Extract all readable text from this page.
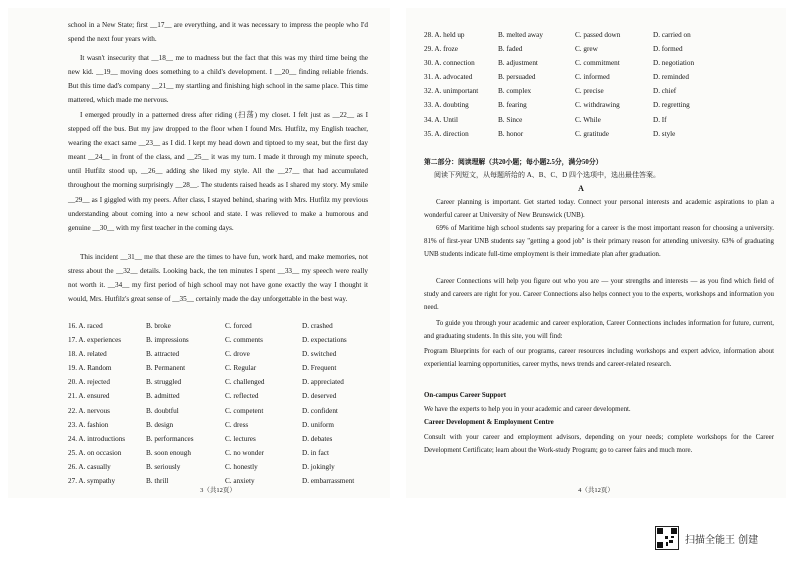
school in a New State; first __17__ are everything, and it was necessary to impress the people who I'd spend the next four years with.
It wasn't insecurity that __18__ me to madness but the fact that this was my third time being the new kid. __19__ moving does something to a child's development. I __20__ finding reliable friends. But this time dad's company __21__ my startling and finishing high school in the same place. This time mattered, which made me nervous.
I emerged proudly in a patterned dress after riding (扫荡) my closet. I felt just as __22__ as I stepped off the bus. But my jaw dropped to the floor when I found Mrs. Hutfilz, my English teacher, wearing the exact same __23__ as I did. I kept my head down and tiptoed to my seat, but the first day meant __24__ in front of the class, and __25__ it was my turn. I made it through my minute speech, until Hutfilz stood up, __26__ adding she liked my style. All the __27__ that had accumulated throughout the morning surprisingly __28__. The students raised heads as I shared my story. My smile __29__ as I giggled with my peers. After class, I stayed behind, sharing with Mrs. Hutfilz my previous understanding about coming into a new school and state. I was relieved to make a humorous and genuine __30__ with my first teacher in the coming days.
This incident __31__ me that these are the times to have fun, work hard, and make memories, not stress about the __32__ details. Looking back, the ten minutes I spent __33__ my speech were really not worth it. __34__ my first period of high school may not have gone exactly the way I thought it would, Mrs. Hutfilz's great sense of __35__ certainly made the day unforgettable in the best way.
16. A. raced	B. broke	C. forced	D. crashed
17. A. experiences	B. impressions	C. comments	D. expectations
18. A. related	B. attracted	C. drove	D. switched
19. A. Random	B. Permanent	C. Regular	D. Frequent
20. A. rejected	B. struggled	C. challenged	D. appreciated
21. A. ensured	B. admitted	C. reflected	D. deserved
22. A. nervous	B. doubtful	C. competent	D. confident
23. A. fashion	B. design	C. dress	D. uniform
24. A. introductions	B. performances	C. lectures	D. debates
25. A. on occasion	B. soon enough	C. no wonder	D. in fact
26. A. casually	B. seriously	C. honestly	D. jokingly
27. A. sympathy	B. thrill	C. anxiety	D. embarrassment
3（共12页）
28. A. held up	B. melted away	C. passed down	D. carried on
29. A. froze	B. faded	C. grew	D. formed
30. A. connection	B. adjustment	C. commitment	D. negotiation
31. A. advocated	B. persuaded	C. informed	D. reminded
32. A. unimportant	B. complex	C. precise	D. chief
33. A. doubting	B. fearing	C. withdrawing	D. regretting
34. A. Until	B. Since	C. While	D. If
35. A. direction	B. honor	C. gratitude	D. style
第二部分：阅读理解（共20小题；每小题2.5分，满分50分）
阅读下列短文，从每题所给的 A、B、C、D 四个选项中，选出最佳答案。
A
Career planning is important. Get started today. Connect your personal interests and academic aspirations to plan a wonderful career at University of New Brunswick (UNB).
69% of Maritime high school students say preparing for a career is the most important reason for choosing a university. 81% of first-year UNB students say "getting a good job" is their primary reason for attending university. 63% of graduating UNB students indicate full-time employment is their immediate plan after graduation.
Career Connections will help you figure out who you are — your strengths and interests — as you find which field of study and careers are right for you. Career Connections also helps connect you to the experts, workshops and information you need.
To guide you through your academic and career exploration, Career Connections includes information for future, current, and graduating students. In this site, you will find:
Program Blueprints for each of our programs, career resources including workshops and expert advice, information about experiential learning opportunities, career myths, news trends and career-related research.
On-campus Career Support
We have the experts to help you in your academic and career development.
Career Development & Employment Centre
Consult with your career and employment advisors, depending on your needs; complete workshops for the Career Development Certificate; learn about the Work-study Program; go to career fairs and much more.
4（共12页）
扫描全能王 创建
